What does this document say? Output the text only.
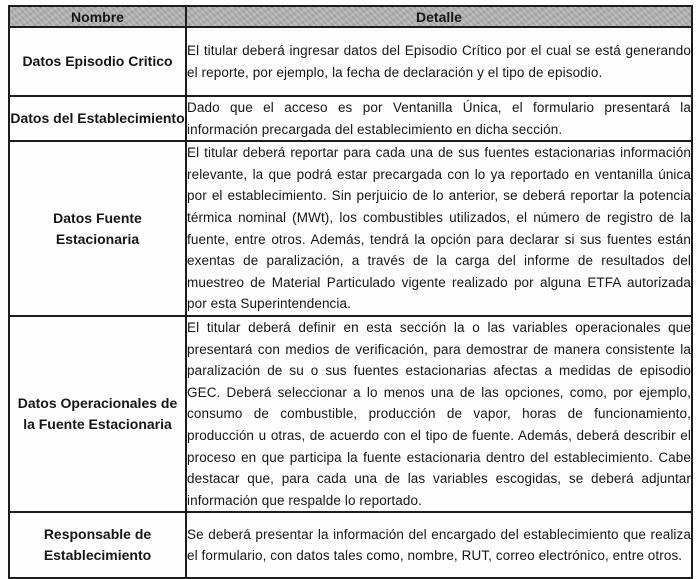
Nombre	Detalle
Datos Episodio Critico	El titular deberá ingresar datos del Episodio Crítico por el cual se está generando el reporte, por ejemplo, la fecha de declaración y el tipo de episodio.
Datos del Establecimiento	Dado que el acceso es por Ventanilla Única, el formulario presentará la información precargada del establecimiento en dicha sección.
Datos Fuente Estacionaria	El titular deberá reportar para cada una de sus fuentes estacionarias información relevante, la que podrá estar precargada con lo ya reportado en ventanilla única por el establecimiento. Sin perjuicio de lo anterior, se deberá reportar la potencia térmica nominal (MWt), los combustibles utilizados, el número de registro de la fuente, entre otros. Además, tendrá la opción para declarar si sus fuentes están exentas de paralización, a través de la carga del informe de resultados del muestreo de Material Particulado vigente realizado por alguna ETFA autorizada por esta Superintendencia.
Datos Operacionales de la Fuente Estacionaria	El titular deberá definir en esta sección la o las variables operacionales que presentará con medios de verificación, para demostrar de manera consistente la paralización de su o sus fuentes estacionarias afectas a medidas de episodio GEC. Deberá seleccionar a lo menos una de las opciones, como, por ejemplo, consumo de combustible, producción de vapor, horas de funcionamiento, producción u otras, de acuerdo con el tipo de fuente. Además, deberá describir el proceso en que participa la fuente estacionaria dentro del establecimiento. Cabe destacar que, para cada una de las variables escogidas, se deberá adjuntar información que respalde lo reportado.
Responsable de Establecimiento	Se deberá presentar la información del encargado del establecimiento que realiza el formulario, con datos tales como, nombre, RUT, correo electrónico, entre otros.
